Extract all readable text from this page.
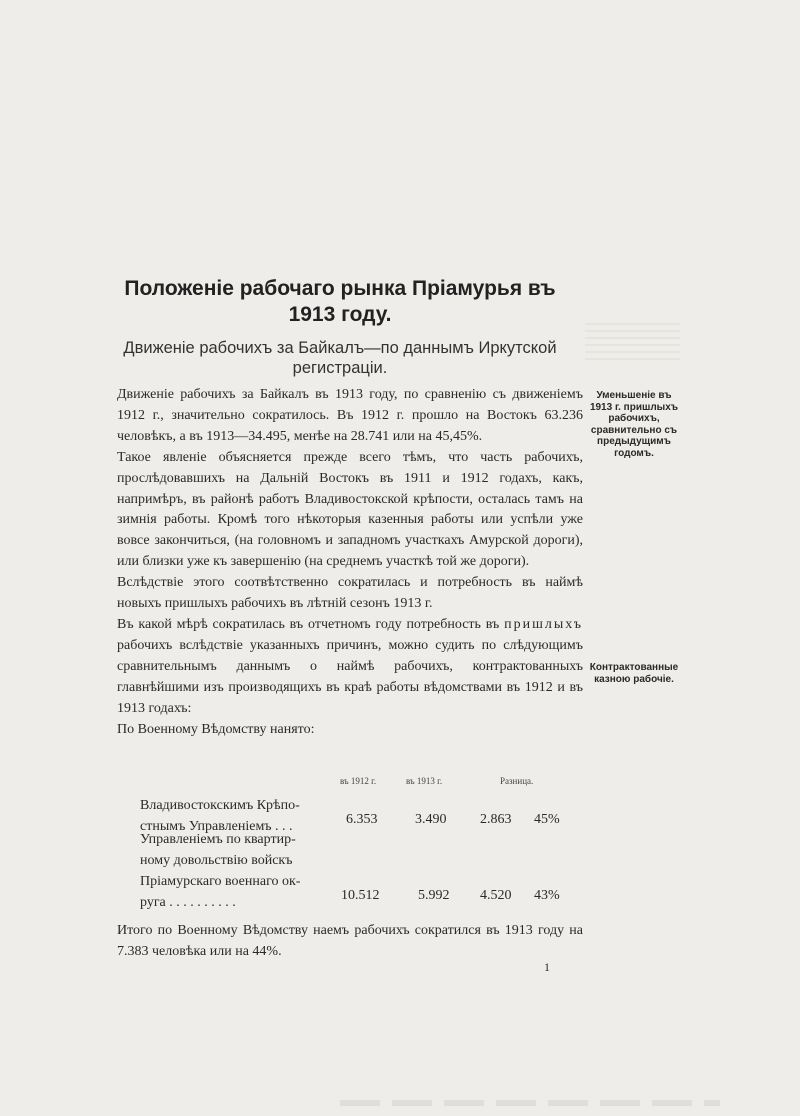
Положеніе рабочаго рынка Пріамурья въ
1913 году.
Движеніе рабочихъ за Байкалъ—по даннымъ Иркутской
регистраціи.

Движеніе рабочихъ за Байкалъ въ 1913 году, по сравненію съ движеніемъ 1912 г., значительно сократилось. Въ 1912 г. прошло на Востокъ 63.236 человѣкъ, а въ 1913—34.495, менѣе на 28.741 или на 45,45%.

Такое явленіе объясняется прежде всего тѣмъ, что часть рабочихъ, прослѣдовавшихъ на Дальній Востокъ въ 1911 и 1912 годахъ, какъ, напримѣръ, въ районѣ работъ Владивостокской крѣпости, осталась тамъ на зимнія работы. Кромѣ того нѣкоторыя казенныя работы или успѣли уже вовсе закончиться, (на головномъ и западномъ участкахъ Амурской дороги), или близки уже къ завершенію (на среднемъ участкѣ той же дороги).

Вслѣдствіе этого соотвѣтственно сократилась и потребность въ наймѣ новыхъ пришлыхъ рабочихъ въ лѣтній сезонъ 1913 г.

Въ какой мѣрѣ сократилась въ отчетномъ году потребность въ пришлыхъ рабочихъ вслѣдствіе указанныхъ причинъ, можно судить по слѣдующимъ сравнительнымъ даннымъ о наймѣ рабочихъ, контрактованныхъ главнѣйшими изъ производящихъ въ краѣ работы вѣдомствами въ 1912 и въ 1913 годахъ:

По Военному Вѣдомству нанято:

Уменьшеніе въ 1913 г. пришлыхъ рабочихъ, сравнительно съ предыдущимъ годомъ.
Контрактованные казною рабочіе.
въ 1912 г.	въ 1913 г.	Разница.
Владивостокскимъ Крѣпо-
стнымъ Управленіемъ . . .	6.353	3.490 2.863 45%
Управленіемъ по квартир-
ному довольствію войскъ
Пріамурскаго военнаго ок-
руга . . . . . . . . . .	10.512	5.992 4.520 43%
Итого по Военному Вѣдомству наемъ рабочихъ сократился въ 1913 году на 7.383 человѣка или на 44%.
1
